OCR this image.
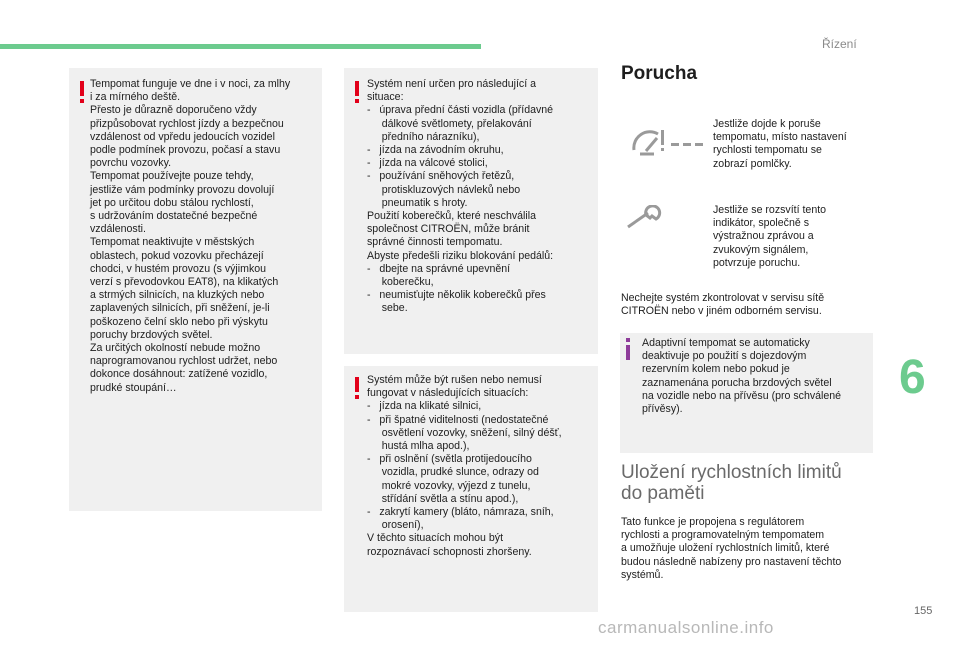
Řízení
Tempomat funguje ve dne i v noci, za mlhy
i za mírného deště.
Přesto je důrazně doporučeno vždy
přizpůsobovat rychlost jízdy a bezpečnou
vzdálenost od vpředu jedoucích vozidel
podle podmínek provozu, počasí a stavu
povrchu vozovky.
Tempomat používejte pouze tehdy,
jestliže vám podmínky provozu dovolují
jet po určitou dobu stálou rychlostí,
s udržováním dostatečné bezpečné
vzdálenosti.
Tempomat neaktivujte v městských
oblastech, pokud vozovku přecházejí
chodci, v hustém provozu (s výjimkou
verzí s převodovkou EAT8), na klikatých
a strmých silnicích, na kluzkých nebo
zaplavených silnicích, při sněžení, je-li
poškozeno čelní sklo nebo při výskytu
poruchy brzdových světel.
Za určitých okolností nebude možno
naprogramovanou rychlost udržet, nebo
dokonce dosáhnout: zatížené vozidlo,
prudké stoupání…
Systém není určen pro následující a
situace:
-   úprava přední části vozidla (přídavné
dálkové světlomety, přelakování
předního nárazníku),
-   jízda na závodním okruhu,
-   jízda na válcové stolici,
-   používání sněhových řetězů,
protiskluzových návleků nebo
pneumatik s hroty.
Použití koberečků, které neschválila
společnost CITROËN, může bránit
správné činnosti tempomatu.
Abyste předešli riziku blokování pedálů:
-   dbejte na správné upevnění
koberečku,
-   neumisťujte několik koberečků přes
sebe.
Systém může být rušen nebo nemusí
fungovat v následujících situacích:
-   jízda na klikaté silnici,
-   při špatné viditelnosti (nedostatečné
osvětlení vozovky, sněžení, silný déšť,
hustá mlha apod.),
-   při oslnění (světla protijedoucího
vozidla, prudké slunce, odrazy od
mokré vozovky, výjezd z tunelu,
střídání světla a stínu apod.),
-   zakrytí kamery (bláto, námraza, sníh,
orosení),
V těchto situacích mohou být
rozpoznávací schopnosti zhoršeny.
Porucha
Jestliže dojde k poruše
tempomatu, místo nastavení
rychlosti tempomatu se
zobrazí pomlčky.
Jestliže se rozsvítí tento
indikátor, společně s
výstražnou zprávou a
zvukovým signálem,
potvrzuje poruchu.
Nechejte systém zkontrolovat v servisu sítě
CITROËN nebo v jiném odborném servisu.
Adaptivní tempomat se automaticky
deaktivuje po použití s dojezdovým
rezervním kolem nebo pokud je
zaznamenána porucha brzdových světel
na vozidle nebo na přívěsu (pro schválené
přívěsy).
Uložení rychlostních limitů
do paměti
Tato funkce je propojena s regulátorem
rychlosti a programovatelným tempomatem
a umožňuje uložení rychlostních limitů, které
budou následně nabízeny pro nastavení těchto
systémů.
6
155
carmanualsonline.info
